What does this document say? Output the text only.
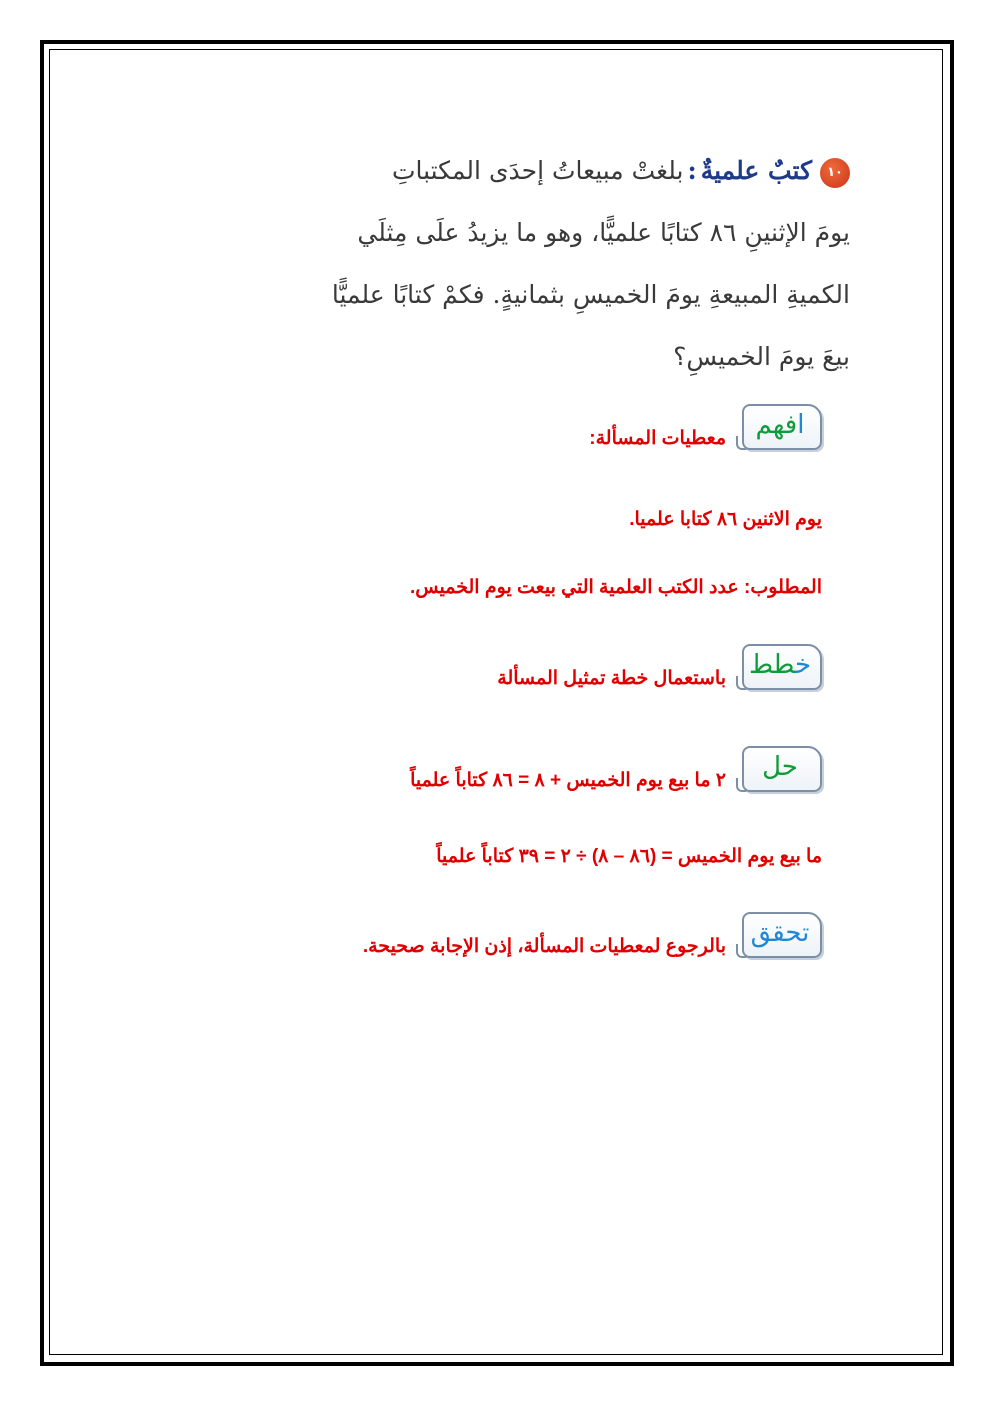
١٠كتبٌ علميةٌ:بلغتْ مبيعاتُ إحدَى المكتباتِ
يومَ الإثنينِ ٨٦ كتابًا علميًّا، وهو ما يزيدُ علَى مِثلَي
الكميةِ المبيعةِ يومَ الخميسِ بثمانيةٍ. فكمْ كتابًا علميًّا
بيعَ يومَ الخميسِ؟
افهم
معطيات المسألة:
يوم الاثنين ٨٦ كتابا علميا.
المطلوب: عدد الكتب العلمية التي بيعت يوم الخميس.
خطط
باستعمال خطة تمثيل المسألة
حل
٢ ما بيع يوم الخميس + ٨ = ٨٦ كتاباً علمياً
ما بيع يوم الخميس = (٨٦ – ٨) ÷ ٢ = ٣٩ كتاباً علمياً
تحقق
بالرجوع لمعطيات المسألة، إذن الإجابة صحيحة.
